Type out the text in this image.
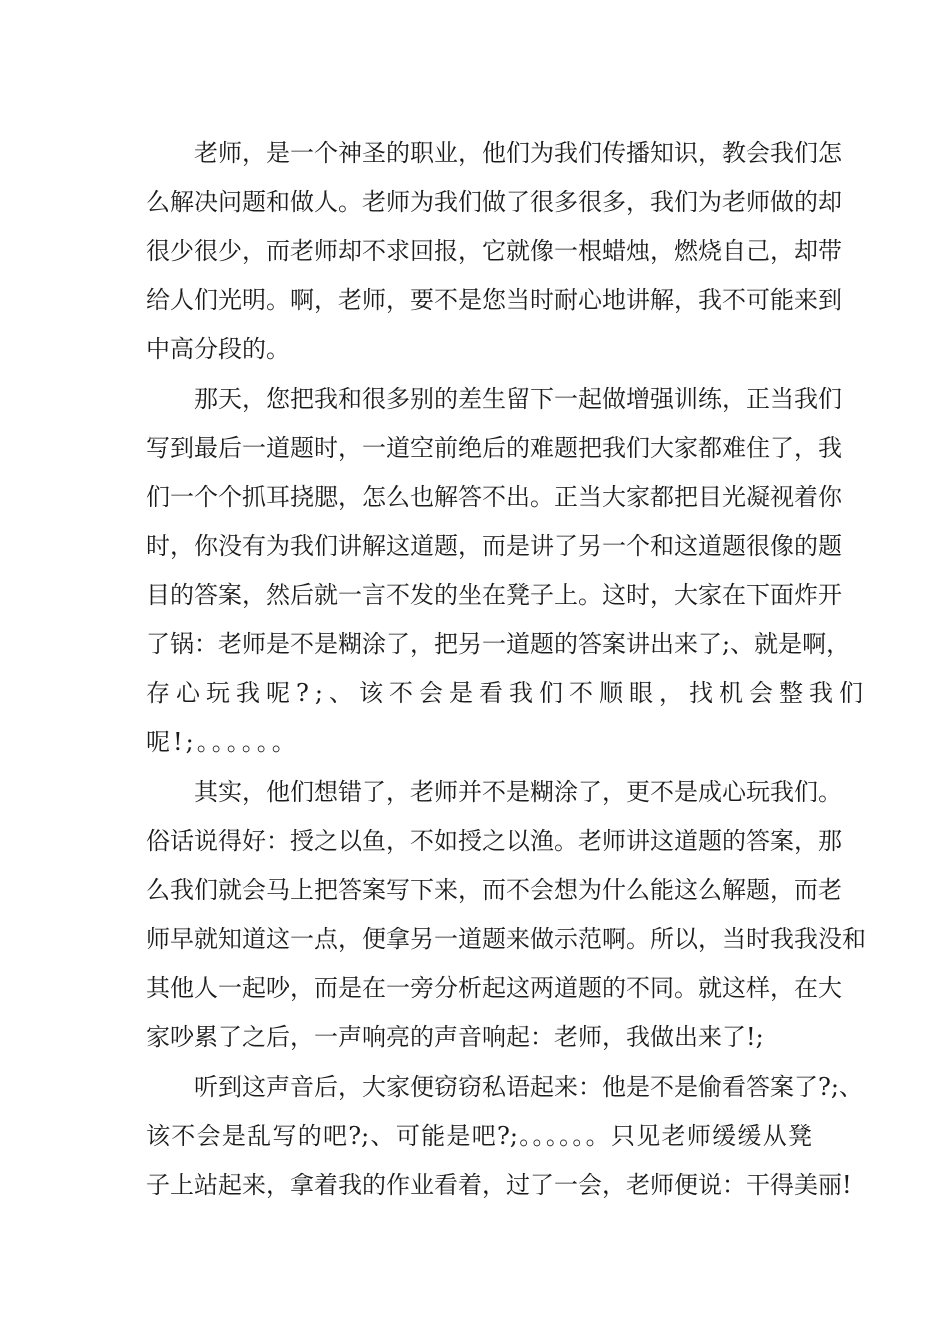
老师，是一个神圣的职业，他们为我们传播知识，教会我们怎
么解决问题和做人。老师为我们做了很多很多，我们为老师做的却
很少很少，而老师却不求回报，它就像一根蜡烛，燃烧自己，却带
给人们光明。啊，老师，要不是您当时耐心地讲解，我不可能来到
中高分段的。
那天，您把我和很多别的差生留下一起做增强训练，正当我们
写到最后一道题时，一道空前绝后的难题把我们大家都难住了，我
们一个个抓耳挠腮，怎么也解答不出。正当大家都把目光凝视着你
时，你没有为我们讲解这道题，而是讲了另一个和这道题很像的题
目的答案，然后就一言不发的坐在凳子上。这时，大家在下面炸开
了锅：老师是不是糊涂了，把另一道题的答案讲出来了;、就是啊，
存心玩我呢?;、该不会是看我们不顺眼，找机会整我们
呢!;。。。。。。
其实，他们想错了，老师并不是糊涂了，更不是成心玩我们。
俗话说得好：授之以鱼，不如授之以渔。老师讲这道题的答案，那
么我们就会马上把答案写下来，而不会想为什么能这么解题，而老
师早就知道这一点，便拿另一道题来做示范啊。所以，当时我我没和
其他人一起吵，而是在一旁分析起这两道题的不同。就这样，在大
家吵累了之后，一声响亮的声音响起：老师，我做出来了!;
听到这声音后，大家便窃窃私语起来：他是不是偷看答案了?;、
该不会是乱写的吧?;、可能是吧?;。。。。。。只见老师缓缓从凳
子上站起来，拿着我的作业看着，过了一会，老师便说：干得美丽!
